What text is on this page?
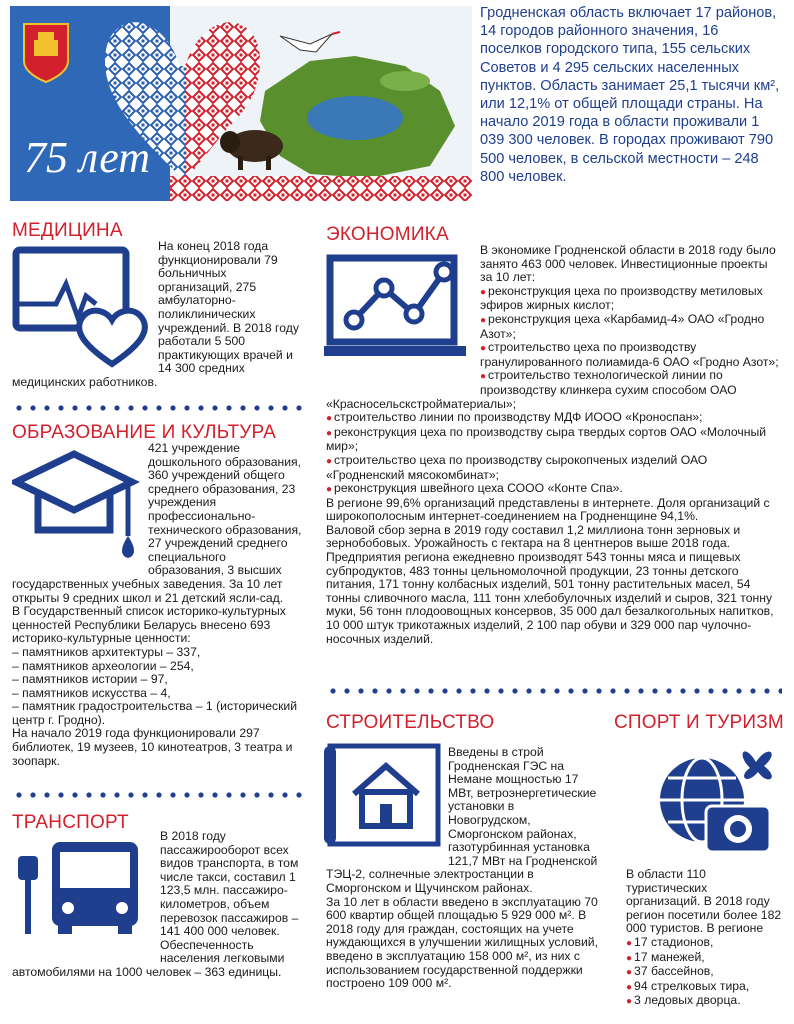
75 лет
Гродненская область включает 17 районов, 14 городов районного значения, 16 поселков городского типа, 155 сельских Советов и 4 295 сельских населенных пунктов. Область занимает 25,1 тысячи км², или 12,1% от общей площади страны. На начало 2019 года в области проживали 1 039 300 человек. В городах проживают 790 500 человек, в сельской местности – 248 800 человек.
МЕДИЦИНА
На конец 2018 года функционировали 79 больничных организаций, 275 амбулаторно-поликлинических учреждений. В 2018 году работали 5 500 практикующих врачей и 14 300 средних медицинских работников.
ОБРАЗОВАНИЕ И КУЛЬТУРА
421 учреждение дошкольного образования, 360 учреждений общего среднего образования, 23 учреждения профессионально-технического образования, 27 учреждений среднего специального образования, 3 высших государственных учебных заведения. За 10 лет открыты 9 средних школ и 21 детский ясли-сад.
В Государственный список историко-культурных ценностей Республики Беларусь внесено 693 историко-культурные ценности:
– памятников архитектуры – 337,
– памятников археологии – 254,
– памятников истории – 97,
– памятников искусства – 4,
– памятник градостроительства – 1 (исторический центр г. Гродно).
На начало 2019 года функционировали 297 библиотек, 19 музеев, 10 кинотеатров, 3 театра и зоопарк.
ТРАНСПОРТ
В 2018 году пассажирооборот всех видов транспорта, в том числе такси, составил 1 123,5 млн. пассажиро-километров, объем перевозок пассажиров – 141 400 000 человек. Обеспеченность населения легковыми автомобилями на 1000 человек – 363 единицы.
ЭКОНОМИКА
В экономике Гродненской области в 2018 году было занято 463 000 человек. Инвестиционные проекты за 10 лет:
● реконструкция цеха по производству метиловых эфиров жирных кислот;
● реконструкция цеха «Карбамид-4» ОАО «Гродно Азот»;
● строительство цеха по производству гранулированного полиамида-6 ОАО «Гродно Азот»;
● строительство технологической линии по производству клинкера сухим способом ОАО «Красносельскстройматериалы»;
● строительство линии по производству МДФ ИООО «Кроноспан»;
● реконструкция цеха по производству сыра твердых сортов ОАО «Молочный мир»;
● строительство цеха по производству сырокопченых изделий ОАО «Гродненский мясокомбинат»;
● реконструкция швейного цеха СООО «Конте Спа».
В регионе 99,6% организаций представлены в интернете. Доля организаций с широкополосным интернет-соединением на Гродненщине 94,1%.
Валовой сбор зерна в 2019 году составил 1,2 миллиона тонн зерновых и зернобобовых. Урожайность с гектара на 8 центнеров выше 2018 года.
Предприятия региона ежедневно производят 543 тонны мяса и пищевых субпродуктов, 483 тонны цельномолочной продукции, 23 тонны детского питания, 171 тонну колбасных изделий, 501 тонну растительных масел, 54 тонны сливочного масла, 111 тонн хлебобулочных изделий и сыров, 321 тонну муки, 56 тонн плодоовощных консервов, 35 000 дал безалкогольных напитков, 10 000 штук трикотажных изделий, 2 100 пар обуви и 329 000 пар чулочно-носочных изделий.
СТРОИТЕЛЬСТВО
Введены в строй Гродненская ГЭС на Немане мощностью 17 МВт, ветроэнергетические установки в Новогрудском, Сморгонском районах, газотурбинная установка 121,7 МВт на Гродненской ТЭЦ-2, солнечные электростанции в Сморгонском и Щучинском районах.
За 10 лет в области введено в эксплуатацию 70 600 квартир общей площадью 5 929 000 м². В 2018 году для граждан, состоящих на учете нуждающихся в улучшении жилищных условий, введено в эксплуатацию 158 000 м², из них с использованием государственной поддержки построено 109 000 м².
СПОРТ И ТУРИЗМ
В области 110 туристических организаций. В 2018 году регион посетили более 182 000 туристов. В регионе
● 17 стадионов,
● 17 манежей,
● 37 бассейнов,
● 94 стрелковых тира,
● 3 ледовых дворца.
